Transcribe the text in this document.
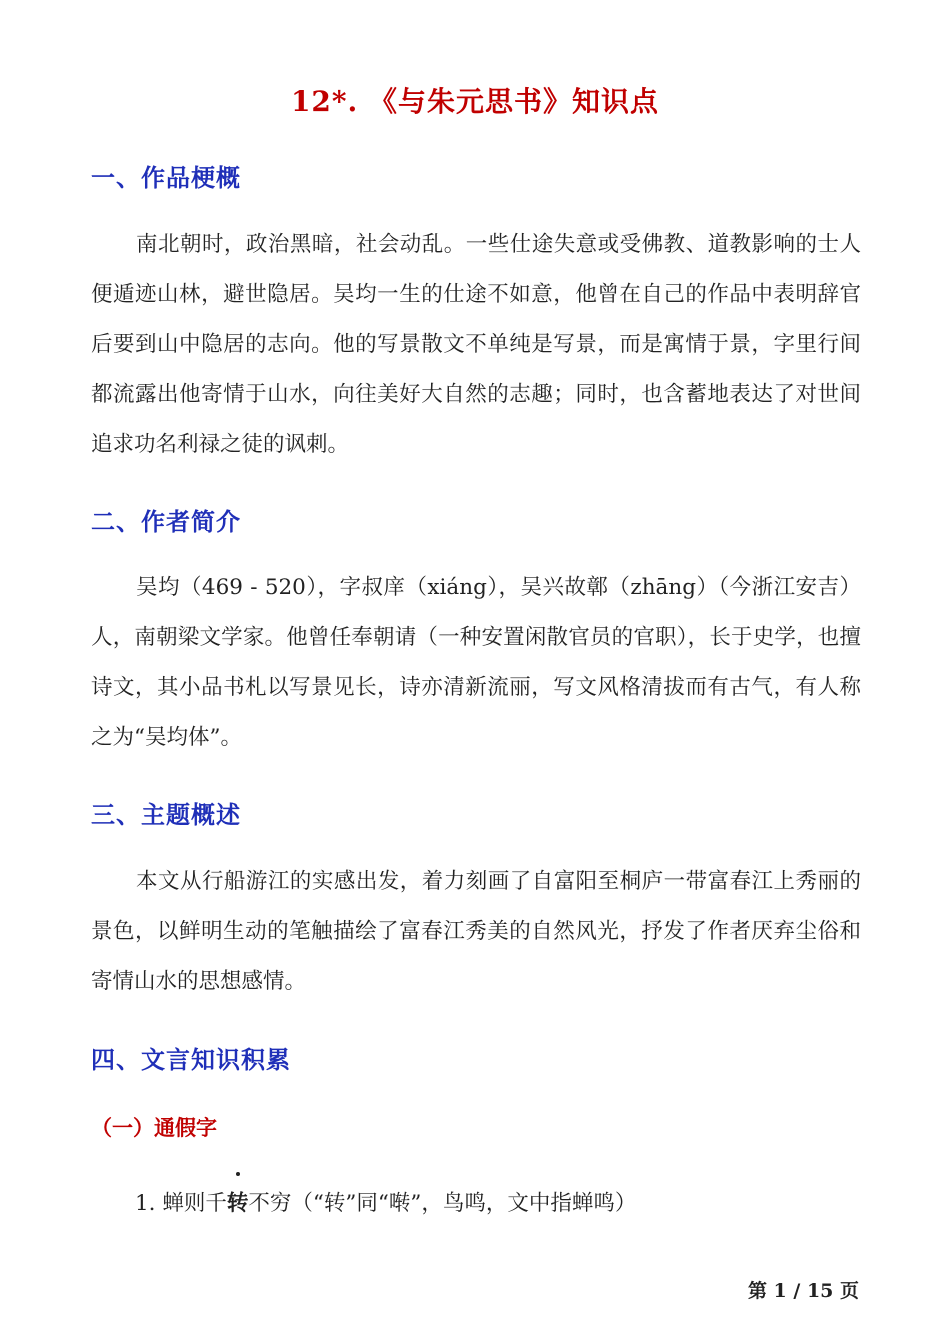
12*. 《与朱元思书》知识点
一、作品梗概

南北朝时，政治黑暗，社会动乱。一些仕途失意或受佛教、道教影响的士人便遁迹山林，避世隐居。吴均一生的仕途不如意，他曾在自己的作品中表明辞官后要到山中隐居的志向。他的写景散文不单纯是写景，而是寓情于景，字里行间都流露出他寄情于山水，向往美好大自然的志趣；同时，也含蓄地表达了对世间追求功名利禄之徒的讽刺。

二、作者简介

吴均（469 - 520），字叔庠（xiáng），吴兴故鄣（zhāng）（今浙江安吉）人，南朝梁文学家。他曾任奉朝请（一种安置闲散官员的官职），长于史学，也擅诗文，其小品书札以写景见长，诗亦清新流丽，写文风格清拔而有古气，有人称之为“吴均体”。

三、主题概述

本文从行船游江的实感出发，着力刻画了自富阳至桐庐一带富春江上秀丽的景色，以鲜明生动的笔触描绘了富春江秀美的自然风光，抒发了作者厌弃尘俗和寄情山水的思想感情。

四、文言知识积累
（一）通假字
1. 蝉则千
转不穷（“转”同“啭”，鸟鸣，文中指蝉鸣）
第 1 / 15 页
